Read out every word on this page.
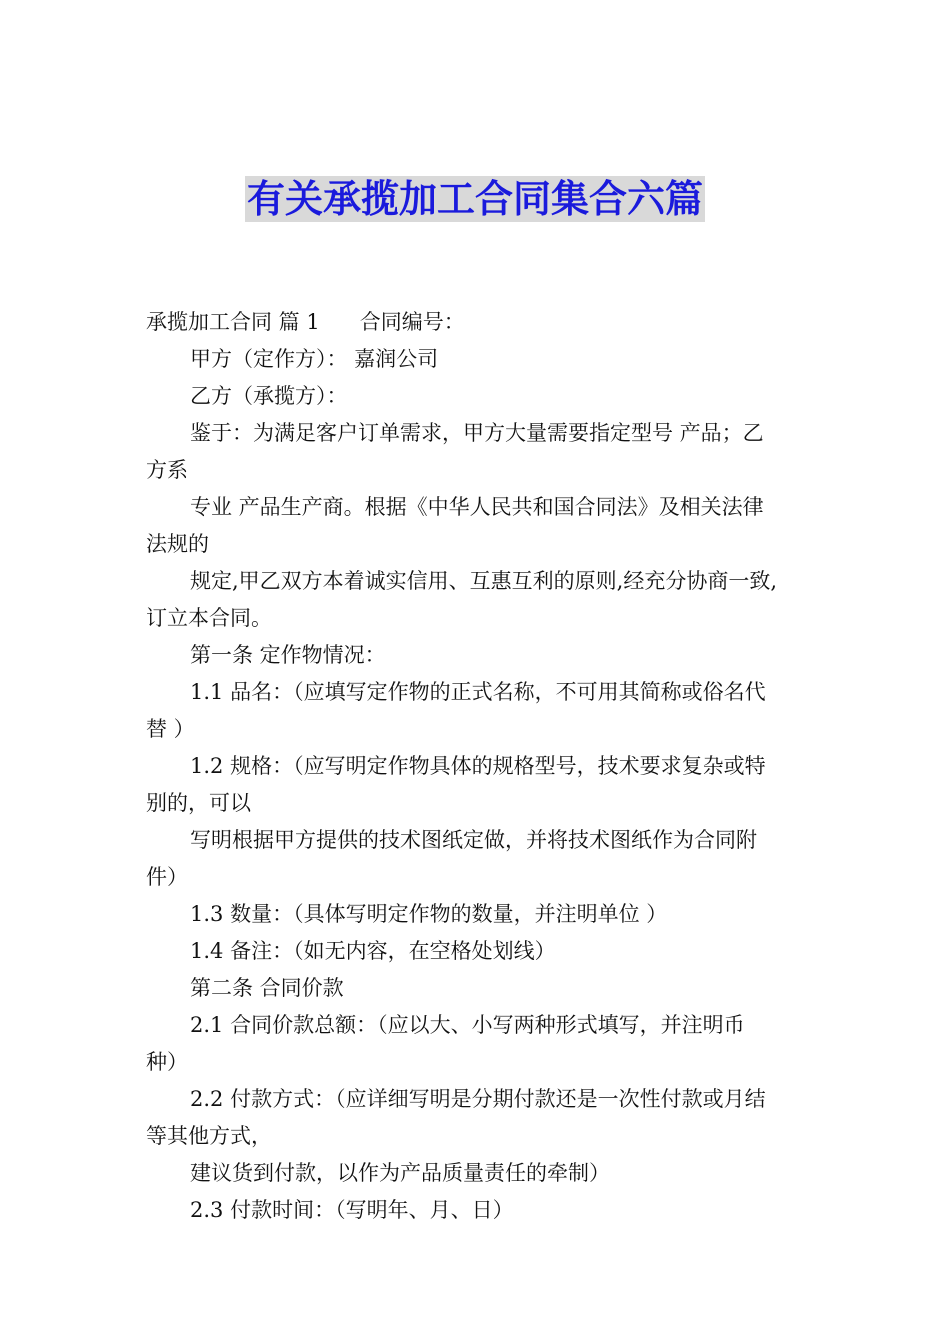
有关承揽加工合同集合六篇

承揽加工合同 篇 1 合同编号：

甲方（定作方）： 嘉润公司

乙方（承揽方）：

鉴于：为满足客户订单需求，甲方大量需要指定型号 产品；乙

方系

专业 产品生产商。根据《中华人民共和国合同法》及相关法律

法规的

规定,甲乙双方本着诚实信用、互惠互利的原则,经充分协商一致,

订立本合同。

第一条 定作物情况：

1.1 品名：（应填写定作物的正式名称，不可用其简称或俗名代

替 ）

1.2 规格：（应写明定作物具体的规格型号，技术要求复杂或特

别的，可以

写明根据甲方提供的技术图纸定做，并将技术图纸作为合同附

件）

1.3 数量：（具体写明定作物的数量，并注明单位 ）

1.4 备注：（如无内容，在空格处划线）

第二条 合同价款

2.1 合同价款总额：（应以大、小写两种形式填写，并注明币

种）

2.2 付款方式：（应详细写明是分期付款还是一次性付款或月结

等其他方式，

建议货到付款，以作为产品质量责任的牵制）

2.3 付款时间：（写明年、月、日）
